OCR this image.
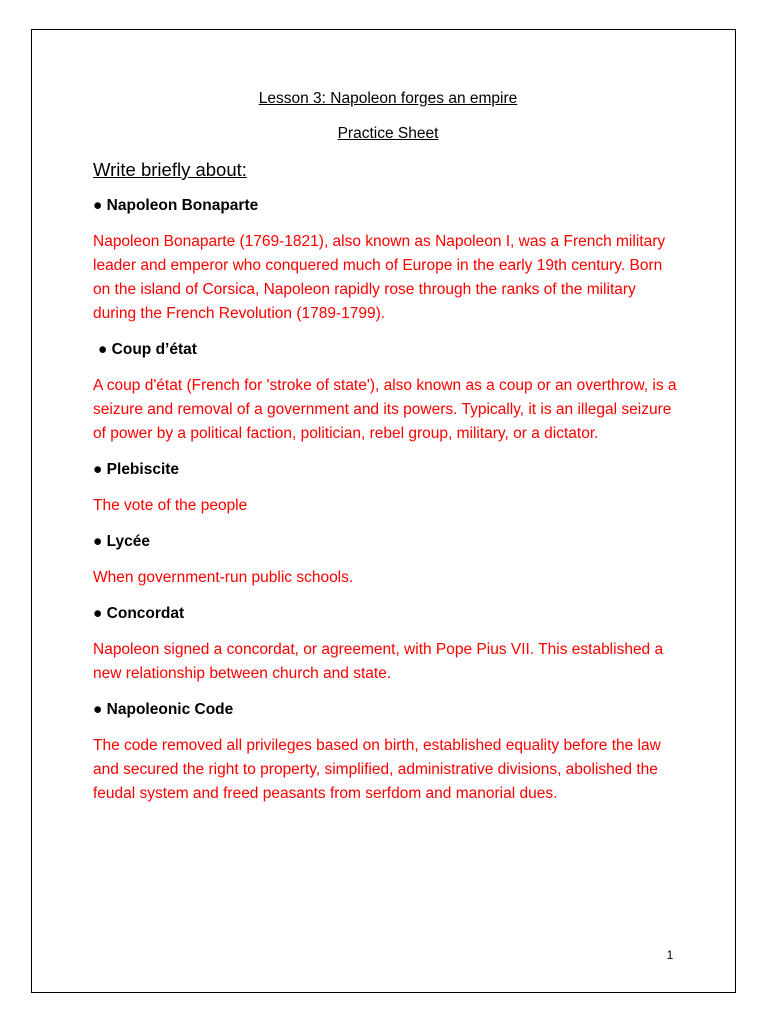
Lesson 3: Napoleon forges an empire
Practice Sheet
Write briefly about:
● Napoleon Bonaparte
Napoleon Bonaparte (1769-1821), also known as Napoleon I, was a French military leader and emperor who conquered much of Europe in the early 19th century. Born on the island of Corsica, Napoleon rapidly rose through the ranks of the military during the French Revolution (1789-1799).
● Coup d’état
A coup d'état (French for 'stroke of state'), also known as a coup or an overthrow, is a seizure and removal of a government and its powers. Typically, it is an illegal seizure of power by a political faction, politician, rebel group, military, or a dictator.
● Plebiscite
The vote of the people
● Lycée
When government-run public schools.
● Concordat
Napoleon signed a concordat, or agreement, with Pope Pius VII. This established a new relationship between church and state.
● Napoleonic Code
The code removed all privileges based on birth, established equality before the law and secured the right to property, simplified, administrative divisions, abolished the feudal system and freed peasants from serfdom and manorial dues.
1
